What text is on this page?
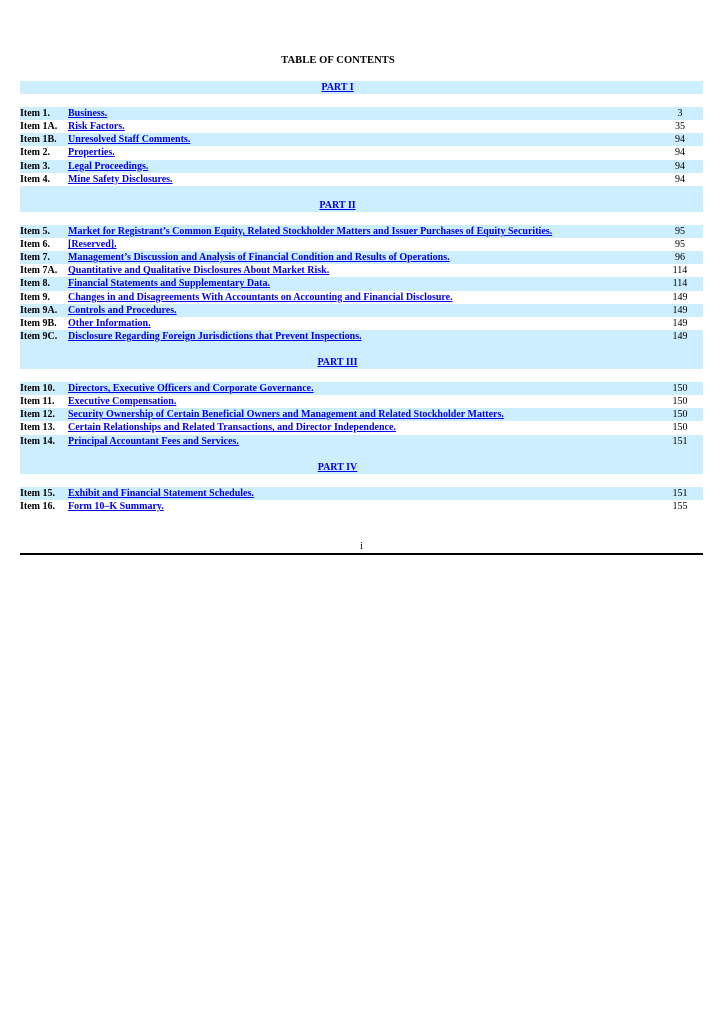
TABLE OF CONTENTS
PART I
Item 1. Business.	3
Item 1A. Risk Factors.	35
Item 1B. Unresolved Staff Comments.	94
Item 2. Properties.	94
Item 3. Legal Proceedings.	94
Item 4. Mine Safety Disclosures.	94
PART II
Item 5. Market for Registrant’s Common Equity, Related Stockholder Matters and Issuer Purchases of Equity Securities.	95
Item 6. [Reserved].	95
Item 7. Management’s Discussion and Analysis of Financial Condition and Results of Operations.	96
Item 7A. Quantitative and Qualitative Disclosures About Market Risk.	114
Item 8. Financial Statements and Supplementary Data.	114
Item 9. Changes in and Disagreements With Accountants on Accounting and Financial Disclosure.	149
Item 9A. Controls and Procedures.	149
Item 9B. Other Information.	149
Item 9C. Disclosure Regarding Foreign Jurisdictions that Prevent Inspections.	149
PART III
Item 10. Directors, Executive Officers and Corporate Governance.	150
Item 11. Executive Compensation.	150
Item 12. Security Ownership of Certain Beneficial Owners and Management and Related Stockholder Matters.	150
Item 13. Certain Relationships and Related Transactions, and Director Independence.	150
Item 14. Principal Accountant Fees and Services.	151
PART IV
Item 15. Exhibit and Financial Statement Schedules.	151
Item 16. Form 10–K Summary.	155
i
